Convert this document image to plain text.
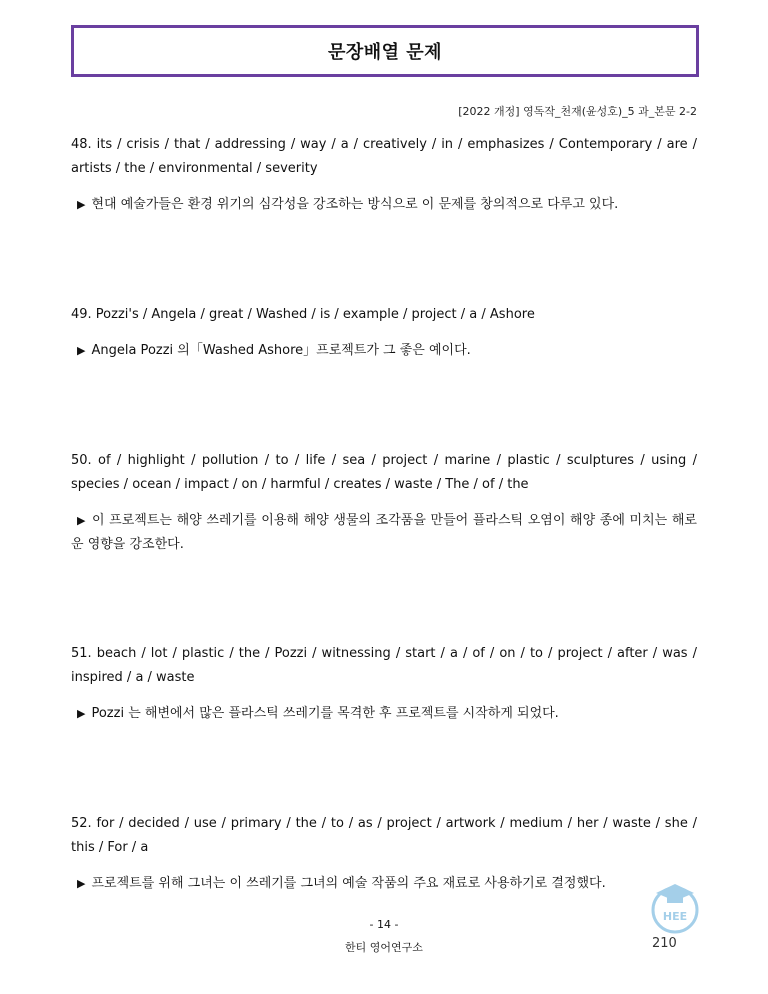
문장배열 문제
[2022 개정] 영독작_천재(윤성호)_5 과_본문 2-2

48. its / crisis / that / addressing / way / a / creatively / in / emphasizes / Contemporary / are / artists / the / environmental / severity

▶ 현대 예술가들은 환경 위기의 심각성을 강조하는 방식으로 이 문제를 창의적으로 다루고 있다.

49. Pozzi's / Angela / great / Washed / is / example / project / a / Ashore

▶ Angela Pozzi 의「Washed Ashore」프로젝트가 그 좋은 예이다.

50. of / highlight / pollution / to / life / sea / project / marine / plastic / sculptures / using / species / ocean / impact / on / harmful / creates / waste / The / of / the

▶ 이 프로젝트는 해양 쓰레기를 이용해 해양 생물의 조각품을 만들어 플라스틱 오염이 해양 종에 미치는 해로운 영향을 강조한다.

51. beach / lot / plastic / the / Pozzi / witnessing / start / a / of / on / to / project / after / was / inspired / a / waste

▶ Pozzi 는 해변에서 많은 플라스틱 쓰레기를 목격한 후 프로젝트를 시작하게 되었다.

52. for / decided / use / primary / the / to / as / project / artwork / medium / her / waste / she / this / For / a

▶ 프로젝트를 위해 그녀는 이 쓰레기를 그녀의 예술 작품의 주요 재료로 사용하기로 결정했다.

HEE
- 14 -
한티 영어연구소	210
